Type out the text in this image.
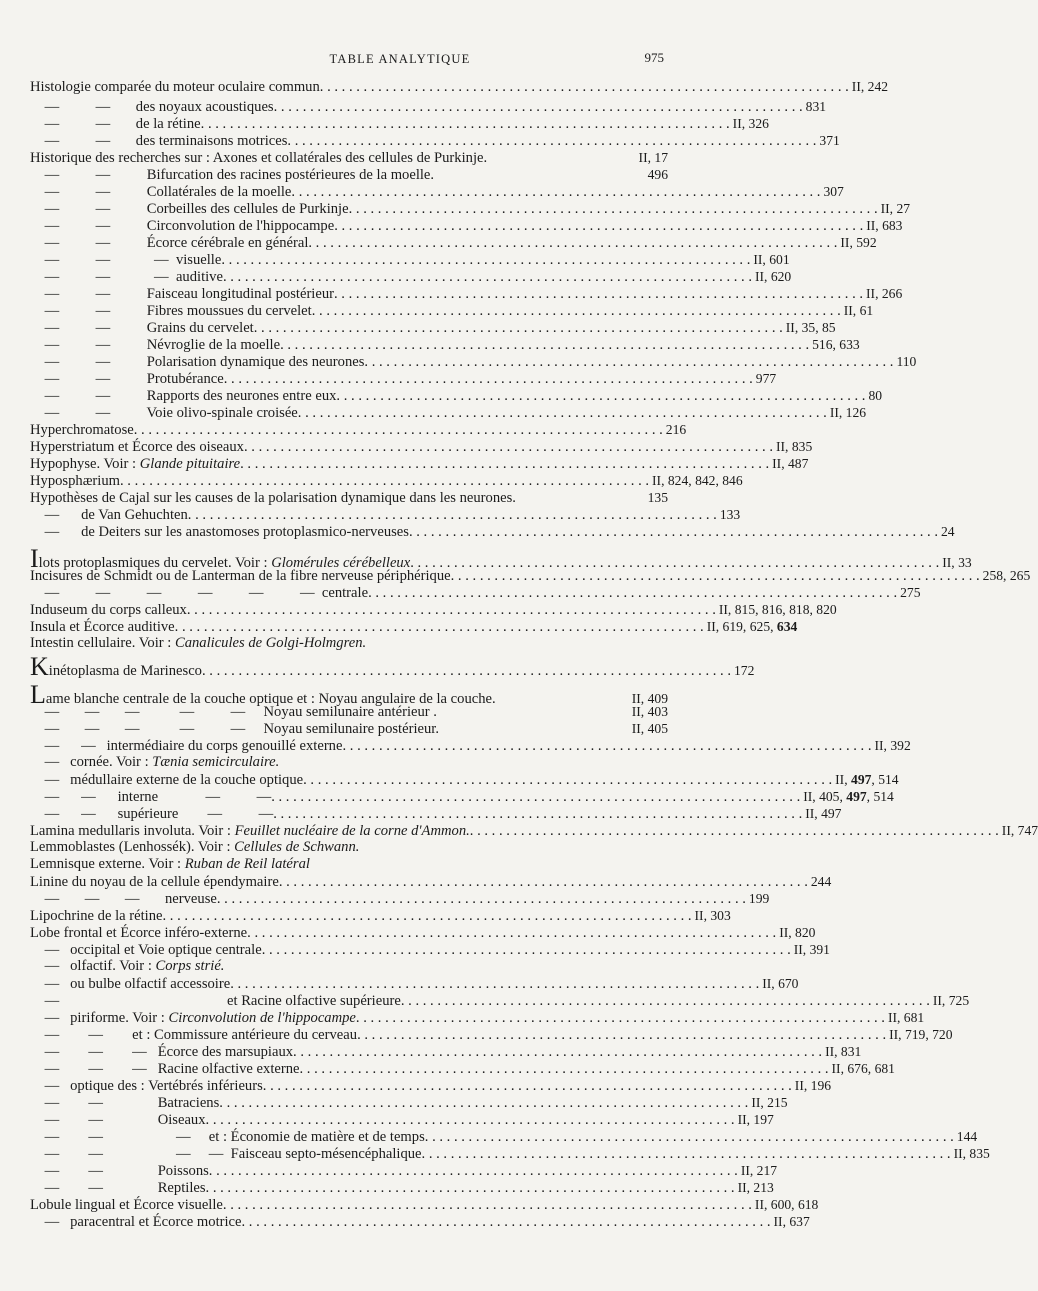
TABLE ANALYTIQUE	975
Histologie comparée du moteur oculaire commun . . .	II, 242
—          —       des noyaux acoustiques . . .	831
—          —       de la rétine . . .	II, 326
—          —       des terminaisons motrices . . .	371
Historique des recherches sur : Axones et collatérales des cellules de Purkinje.	II, 17
—          —          Bifurcation des racines postérieures de la moelle.	496
—          —          Collatérales de la moelle . . .	307
—          —          Corbeilles des cellules de Purkinje . . .	II, 27
—          —          Circonvolution de l'hippocampe . . .	II, 683
—          —          Écorce cérébrale en général . . .	II, 592
—          —            —  visuelle . . .	II, 601
—          —            —  auditive . . .	II, 620
—          —          Faisceau longitudinal postérieur . . .	II, 266
—          —          Fibres moussues du cervelet . . .	II, 61
—          —          Grains du cervelet . . .	II, 35, 85
—          —          Névroglie de la moelle . . .	516, 633
—          —          Polarisation dynamique des neurones . . .	110
—          —          Protubérance . . .	977
—          —          Rapports des neurones entre eux . . .	80
—          —          Voie olivo-spinale croisée . . .	II, 126
Hyperchromatose . . .	216
Hyperstriatum et Écorce des oiseaux . . .	II, 835
Hypophyse. Voir : Glande pituitaire . . .	II, 487
Hyposphærium . . .	II, 824, 842, 846
Hypothèses de Cajal sur les causes de la polarisation dynamique dans les neurones.	135
—      de Van Gehuchten . . .	133
—      de Deiters sur les anastomoses protoplasmico-nerveuses . . .	24
Ilots protoplasmiques du cervelet. Voir : Glomérules cérébelleux . . .	II, 33
Incisures de Schmidt ou de Lanterman de la fibre nerveuse périphérique . . .	258, 265
—          —          —          —          —          —  centrale . . .	275
Induseum du corps calleux . . .	II, 815, 816, 818, 820
Insula et Écorce auditive . . .	II, 619, 625, 634
Intestin cellulaire. Voir : Canalicules de Golgi-Holmgren.
Kinétoplasma de Marinesco . . .	172
Lame blanche centrale de la couche optique et : Noyau angulaire de la couche.	II, 409
—       —       —           —          —     Noyau semilunaire antérieur .	II, 403
—       —       —           —          —     Noyau semilunaire postérieur.	II, 405
—      —   intermédiaire du corps genouillé externe . . .	II, 392
—   cornée. Voir : Tænia semicirculaire.
—   médullaire externe de la couche optique . . .	II, 497, 514
—      —      interne             —          — . . .	II, 405, 497, 514
—      —      supérieure        —          — . . .	II, 497
Lamina medullaris involuta. Voir : Feuillet nucléaire de la corne d'Ammon. . . .	II, 747
Lemmoblastes (Lenhossék). Voir : Cellules de Schwann.
Lemnisque externe. Voir : Ruban de Reil latéral
Linine du noyau de la cellule épendymaire . . .	244
—       —       —       nerveuse . . .	199
Lipochrine de la rétine . . .	II, 303
Lobe frontal et Écorce inféro-externe . . .	II, 820
—   occipital et Voie optique centrale . . .	II, 391
—   olfactif. Voir : Corps strié.
—   ou bulbe olfactif accessoire . . .	II, 670
—                                              et Racine olfactive supérieure . . .	II, 725
—   piriforme. Voir : Circonvolution de l'hippocampe . . .	II, 681
—        —        et : Commissure antérieure du cerveau . . .	II, 719, 720
—        —        —   Écorce des marsupiaux . . .	II, 831
—        —        —   Racine olfactive externe . . .	II, 676, 681
—   optique des : Vertébrés inférieurs . . .	II, 196
—        —               Batraciens . . .	II, 215
—        —               Oiseaux . . .	II, 197
—        —                    —     et : Économie de matière et de temps . . .	144
—        —                    —     —  Faisceau septo-mésencéphalique . . .	II, 835
—        —               Poissons . . .	II, 217
—        —               Reptiles . . .	II, 213
Lobule lingual et Écorce visuelle . . .	II, 600, 618
—   paracentral et Écorce motrice . . .	II, 637
